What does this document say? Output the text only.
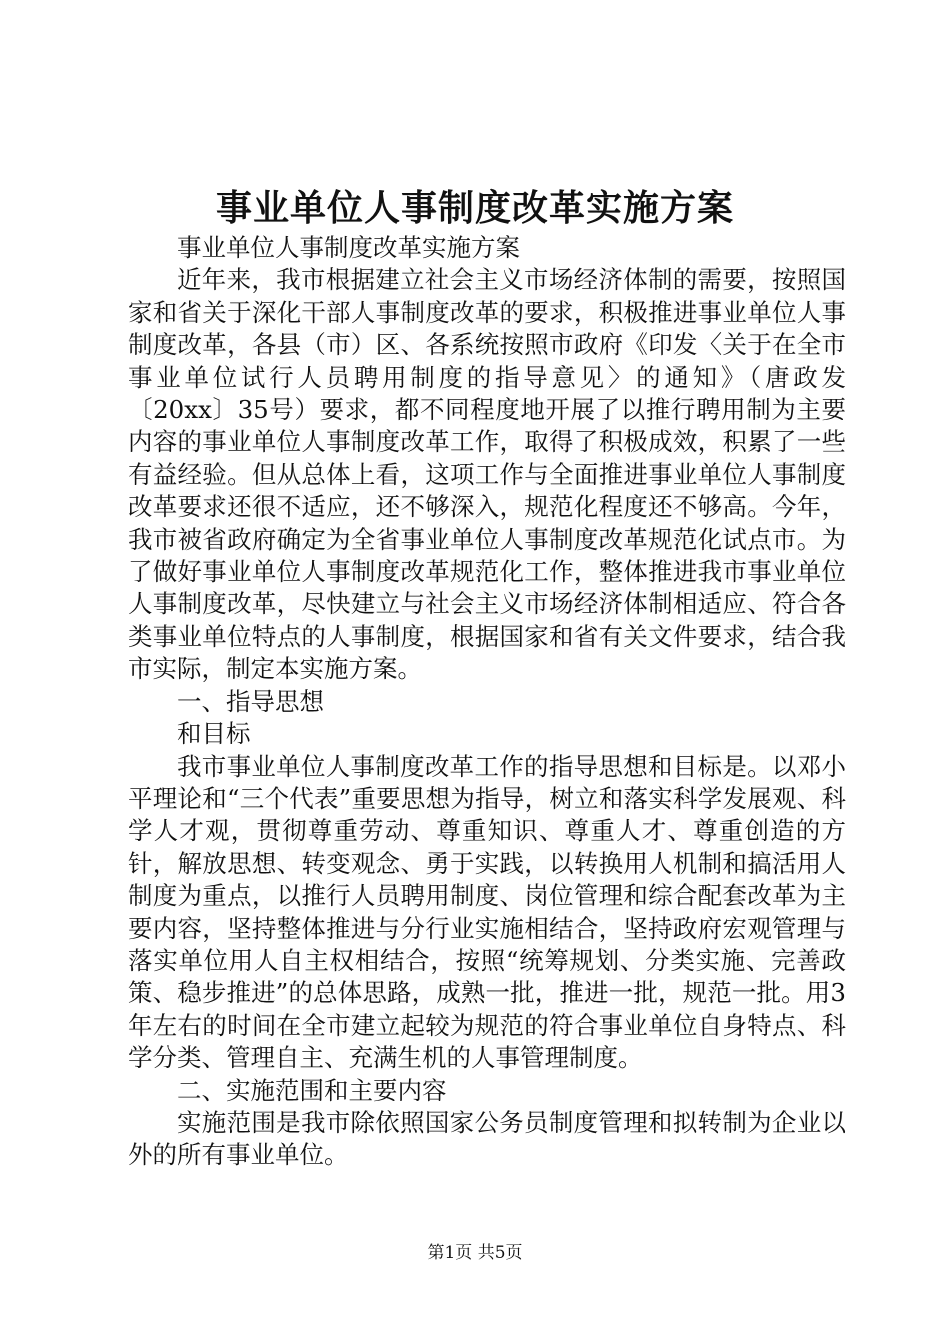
事业单位人事制度改革实施方案

事业单位人事制度改革实施方案

近年来，我市根据建立社会主义市场经济体制的需要，按照国家和省关于深化干部人事制度改革的要求，积极推进事业单位人事制度改革，各县（市）区、各系统按照市政府《印发〈关于在全市事业单位试行人员聘用制度的指导意见〉的通知》（唐政发〔20xx〕35号）要求，都不同程度地开展了以推行聘用制为主要内容的事业单位人事制度改革工作，取得了积极成效，积累了一些有益经验。但从总体上看，这项工作与全面推进事业单位人事制度改革要求还很不适应，还不够深入，规范化程度还不够高。今年，我市被省政府确定为全省事业单位人事制度改革规范化试点市。为了做好事业单位人事制度改革规范化工作，整体推进我市事业单位人事制度改革，尽快建立与社会主义市场经济体制相适应、符合各类事业单位特点的人事制度，根据国家和省有关文件要求，结合我市实际，制定本实施方案。

一、指导思想

和目标

我市事业单位人事制度改革工作的指导思想和目标是。以邓小平理论和“三个代表”重要思想为指导，树立和落实科学发展观、科学人才观，贯彻尊重劳动、尊重知识、尊重人才、尊重创造的方针，解放思想、转变观念、勇于实践，以转换用人机制和搞活用人制度为重点，以推行人员聘用制度、岗位管理和综合配套改革为主要内容，坚持整体推进与分行业实施相结合，坚持政府宏观管理与落实单位用人自主权相结合，按照“统筹规划、分类实施、完善政策、稳步推进”的总体思路，成熟一批，推进一批，规范一批。用3年左右的时间在全市建立起较为规范的符合事业单位自身特点、科学分类、管理自主、充满生机的人事管理制度。

二、实施范围和主要内容

实施范围是我市除依照国家公务员制度管理和拟转制为企业以外的所有事业单位。

第1页 共5页
